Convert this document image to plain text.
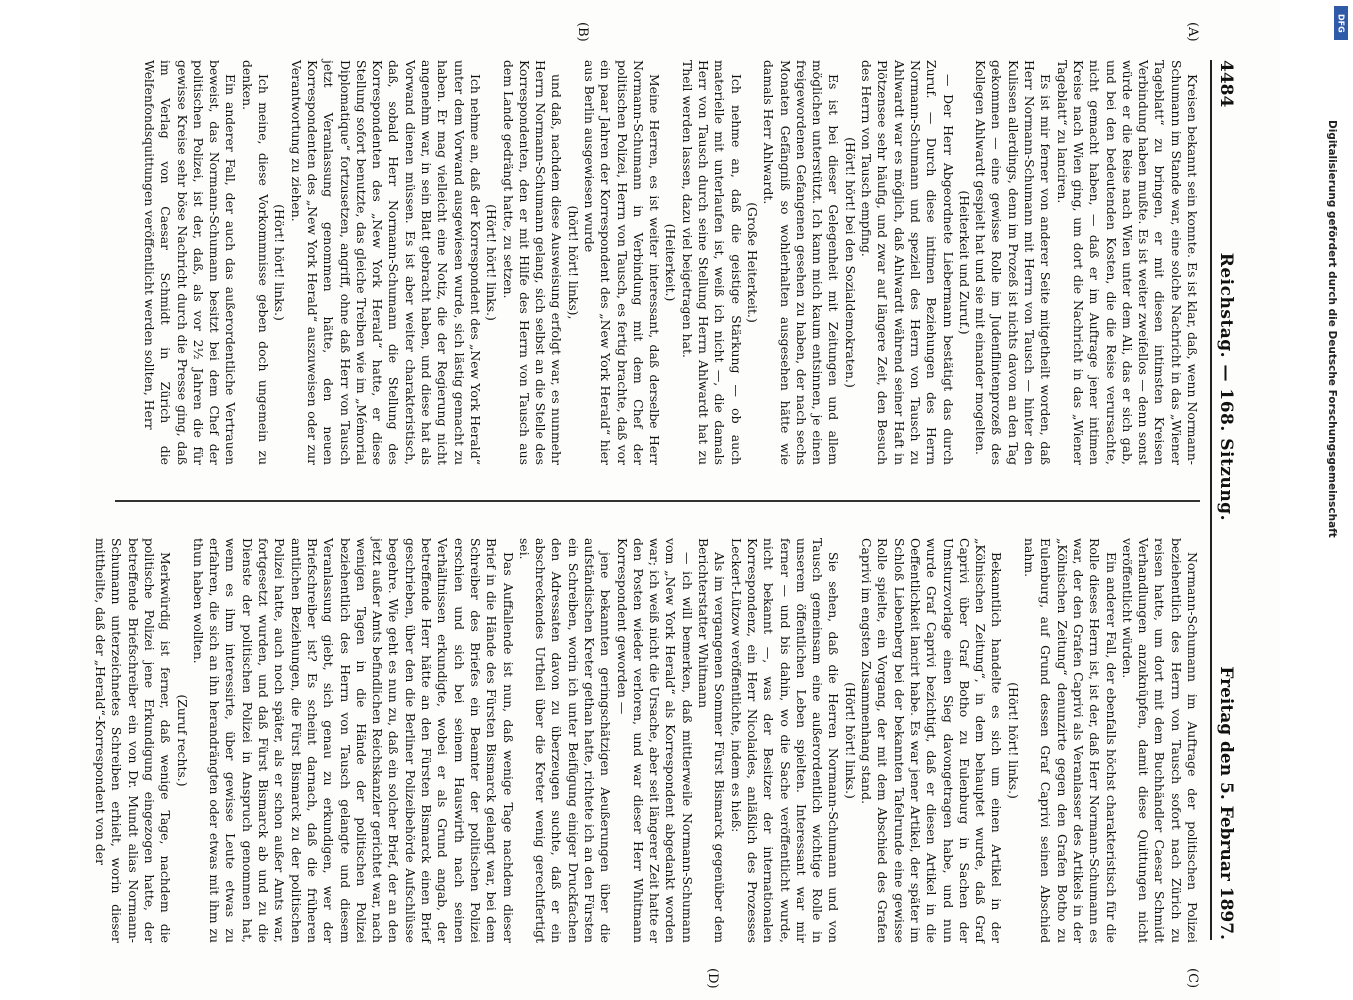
4484
Reichstag. — 168. Sitzung.
Freitag den 5. Februar 1897.
(A)
(B)
(C)
(D)

Kreisen bekannt sein konnte. Es ist klar, daß, wenn Normann-Schumann im Stande war, eine solche Nachricht in das „Wiener Tageblatt“ zu bringen, er mit diesen intimsten Kreisen Verbindung haben mußte. Es ist weiter zweifellos — denn sonst würde er die Reise nach Wien unter dem Ali, das er sich gab, und bei den bedeutenden Kosten, die die Reise verursachte, nicht gemacht haben, — daß er im Auftrage jener intimen Kreise nach Wien ging, um dort die Nachricht in das „Wiener Tageblatt“ zu lanciren.

Es ist mir ferner von anderer Seite mitgetheilt worden, daß Herr Normann-Schumann mit Herrn von Tausch — hinter den Kulissen allerdings, denn im Prozeß ist nichts davon an den Tag gekommen — eine gewisse Rolle im Judenflintenprozeß des Kollegen Ahlwardt gespielt hat und sie mit einander mogelten.

(Heiterkeit und Zuruf.)

— Der Herr Abgeordnete Liebermann bestätigt das durch Zuruf. — Durch diese intimen Beziehungen des Herrn Normann-Schumann und speziell des Herrn von Tausch zu Ahlwardt war es möglich, daß Ahlwardt während seiner Haft in Plötzensee sehr häufig, und zwar auf längere Zeit, den Besuch des Herrn von Tausch empfing.

(Hört! hört! bei den Sozialdemokraten.)

Es ist bei dieser Gelegenheit mit Zeitungen und allem möglichen unterstützt. Ich kann mich kaum entsinnen, je einen freigewordenen Gefangenen gesehen zu haben, der nach sechs Monaten Gefängniß so wohlerhalten ausgesehen hätte wie damals Herr Ahlwardt.

(Große Heiterkeit.)

Ich nehme an, daß die geistige Stärkung — ob auch materielle mit unterlaufen ist, weiß ich nicht —, die damals Herr von Tausch durch seine Stellung Herrn Ahlwardt hat zu Theil werden lassen, dazu viel beigetragen hat.

(Heiterkeit.)

Meine Herren, es ist weiter interessant, daß derselbe Herr Normann-Schumann in Verbindung mit dem Chef der politischen Polizei, Herrn von Tausch, es fertig brachte, daß vor ein paar Jahren der Korrespondent des „New York Herald“ hier aus Berlin ausgewiesen wurde

(hört! hört! links),

und daß, nachdem diese Ausweisung erfolgt war, es nunmehr Herrn Normann-Schumann gelang, sich selbst an die Stelle des Korrespondenten, den er mit Hilfe des Herrn von Tausch aus dem Lande gedrängt hatte, zu setzen.

(Hört! hört! links.)

Ich nehme an, daß der Korrespondent des „New York Herald“ unter dem Vorwand ausgewiesen wurde, sich lästig gemacht zu haben. Er mag vielleicht eine Notiz, die der Regierung nicht angenehm war, in sein Blatt gebracht haben, und diese hat als Vorwand dienen müssen. Es ist aber weiter charakteristisch, daß, sobald Herr Normann-Schumann die Stellung des Korrespondenten des „New York Herald“ hatte, er diese Stellung sofort benutzte, das gleiche Treiben wie im „Mémorial Diplomatique“ fortzusetzen, angriff, ohne daß Herr von Tausch jetzt Veranlassung genommen hätte, den neuen Korrespondenten des „New York Herald“ auszuweisen oder zur Verantwortung zu ziehen.

(Hört! hört! links.)

Ich meine, diese Vorkommnisse geben doch ungemein zu denken.

Ein anderer Fall, der auch das außerordentliche Vertrauen beweist, das Normann-Schumann besitzt bei dem Chef der politischen Polizei, ist der, daß, als vor 2½ Jahren die für gewisse Kreise sehr böse Nachricht durch die Presse ging, daß im Verlag von Caesar Schmidt in Zürich die Welfenfondsquittungen veröffentlicht werden sollten, Herr

Normann-Schumann im Auftrage der politischen Polizei beziehentlich des Herrn von Tausch sofort nach Zürich zu reisen hatte, um dort mit dem Buchhändler Caesar Schmidt Verhandlungen anzuknüpfen, damit diese Quittungen nicht veröffentlicht würden.

Ein anderer Fall, der ebenfalls höchst charakteristisch für die Rolle dieses Herrn ist, ist der, daß Herr Normann-Schumann es war, der den Grafen Caprivi als Veranlasser des Artikels in der „Kölnischen Zeitung“ denunzirte gegen den Grafen Botho zu Eulenburg, auf Grund dessen Graf Caprivi seinen Abschied nahm.

(Hört! hört! links.)

Bekanntlich handelte es sich um einen Artikel in der „Kölnischen Zeitung“, in dem behauptet wurde, daß Graf Caprivi über Graf Botho zu Eulenburg in Sachen der Umsturzvorlage einen Sieg davongetragen habe, und nun wurde Graf Caprivi bezichtigt, daß er diesen Artikel in die Oeffentlichkeit lancirt habe. Es war jener Artikel, der später im Schloß Liebenberg bei der bekannten Tafelrunde eine gewisse Rolle spielte, ein Vorgang, der mit dem Abschied des Grafen Caprivi im engsten Zusammenhang stand.

(Hört! hört! links.)

Sie sehen, daß die Herren Normann-Schumann und von Tausch gemeinsam eine außerordentlich wichtige Rolle in unserem öffentlichen Leben spielten. Interessant war mir ferner — und bis dahin, wo die Sache veröffentlicht wurde, nicht bekannt —, was der Besitzer der internationalen Korrespondenz, ein Herr Nicolaides, anläßlich des Prozesses Leckert-Lützow veröffentlichte, indem es hieß:

Als im vergangenen Sommer Fürst Bismarck gegenüber dem Berichterstatter Whitmann

— ich will bemerken, daß mittlerweile Normann-Schumann vom „New York Herald“ als Korrespondent abgedankt worden war; ich weiß nicht die Ursache, aber seit längerer Zeit hatte er den Posten wieder verloren, und war dieser Herr Whitmann Korrespondent geworden —

jene bekannten geringschätzigen Aeußerungen über die aufständischen Kreter gethan hatte, richtete ich an den Fürsten ein Schreiben, worin ich unter Beifügung einiger Druckfachen den Adressaten davon zu überzeugen suchte, daß er ein abschreckendes Urtheil über die Kreter wenig gerechtfertigt sei.

Das Auffallende ist nun, daß wenige Tage nachdem dieser Brief in die Hände des Fürsten Bismarck gelangt war, bei dem Schreiber des Briefes ein Beamter der politischen Polizei erschien und sich bei seinem Hauswirth nach seinen Verhältnissen erkundigte, wobei er als Grund angab, der betreffende Herr hätte an den Fürsten Bismarck einen Brief geschrieben, über den die Berliner Polizeibehörde Aufschlüsse begehre. Wie geht es nun zu, daß ein solcher Brief, der an den jetzt außer Amts befindlichen Reichskanzler gerichtet war, nach wenigen Tagen in die Hände der politischen Polizei beziehentlich des Herrn von Tausch gelangte und diesem Veranlassung giebt, sich genau zu erkundigen, wer der Briefschreiber ist? Es scheint darnach, daß die früheren amtlichen Beziehungen, die Fürst Bismarck zu der politischen Polizei hatte, auch noch später, als er schon außer Amts war, fortgesetzt wurden, und daß Fürst Bismarck ab und zu die Dienste der politischen Polizei in Anspruch genommen hat, wenn es ihm interessirte, über gewisse Leute etwas zu erfahren, die sich an ihn herandrängten oder etwas mit ihm zu thun haben wollten.

(Zuruf rechts.)

Merkwürdig ist ferner, daß wenige Tage, nachdem die politische Polizei jene Erkundigung eingezogen hatte, der betreffende Briefschreiber ein von Dr. Mundt alias Normann-Schumann unterzeichnetes Schreiben erhielt, worin dieser mittheilte, daß der „Herald“-Korrespondent von der

DFG
Digitalisierung gefördert durch die Deutsche Forschungsgemeinschaft
